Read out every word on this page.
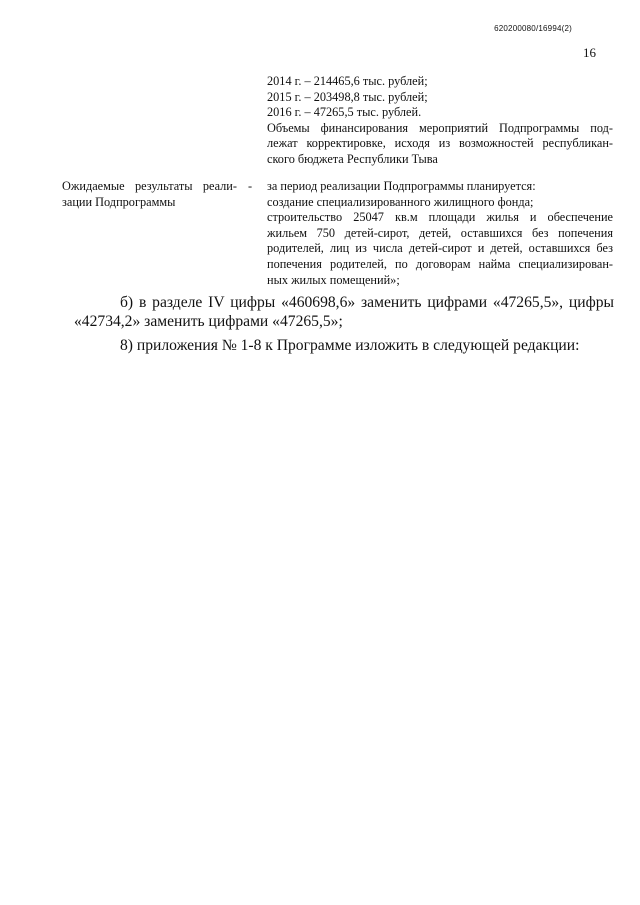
620200080/16994(2)
16
2014 г. – 214465,6 тыс. рублей;
2015 г. – 203498,8 тыс. рублей;
2016 г. – 47265,5 тыс. рублей.
Объемы финансирования мероприятий Подпрограммы под-
лежат корректировке, исходя из возможностей республикан-
ского бюджета Республики Тыва
Ожидаемые результаты реали-
зации Подпрограммы
- за период реализации Подпрограммы планируется:
создание специализированного жилищного фонда;
строительство 25047 кв.м площади жилья и обеспечение
жильем 750 детей-сирот, детей, оставшихся без попечения
родителей, лиц из числа детей-сирот и детей, оставшихся без
попечения родителей, по договорам найма специализирован-
ных жилых помещений»;
б) в разделе IV цифры «460698,6» заменить цифрами «47265,5», цифры
«42734,2» заменить цифрами «47265,5»;
8) приложения № 1-8 к Программе изложить в следующей редакции:
